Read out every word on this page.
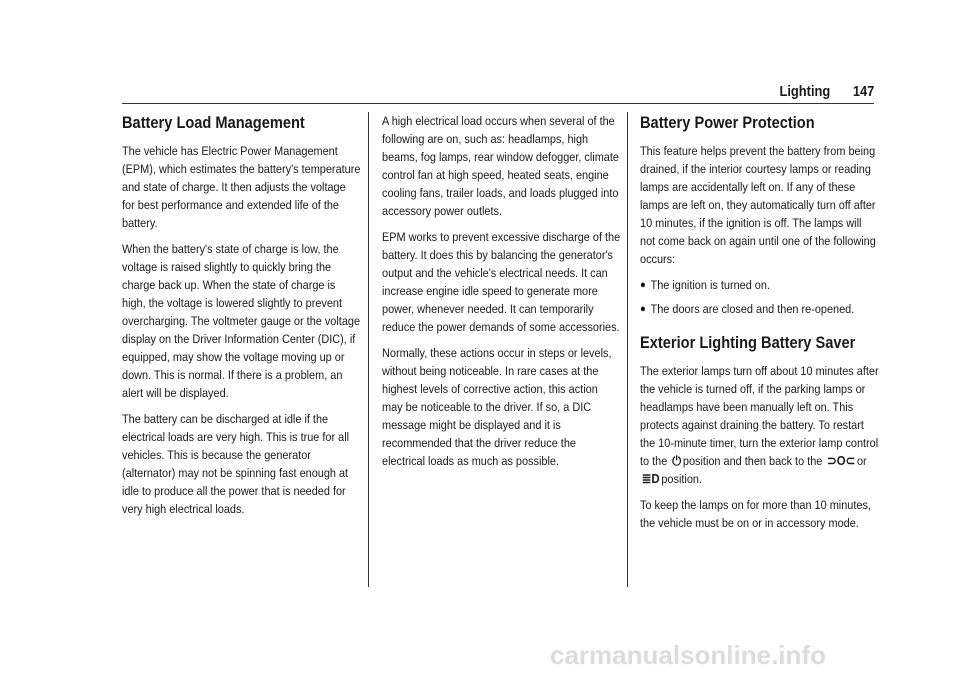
Lighting 147
Battery Load Management

The vehicle has Electric Power Management (EPM), which estimates the battery's temperature and state of charge. It then adjusts the voltage for best performance and extended life of the battery.

When the battery's state of charge is low, the voltage is raised slightly to quickly bring the charge back up. When the state of charge is high, the voltage is lowered slightly to prevent overcharging. The voltmeter gauge or the voltage display on the Driver Information Center (DIC), if equipped, may show the voltage moving up or down. This is normal. If there is a problem, an alert will be displayed.

The battery can be discharged at idle if the electrical loads are very high. This is true for all vehicles. This is because the generator (alternator) may not be spinning fast enough at idle to produce all the power that is needed for very high electrical loads.

A high electrical load occurs when several of the following are on, such as: headlamps, high beams, fog lamps, rear window defogger, climate control fan at high speed, heated seats, engine cooling fans, trailer loads, and loads plugged into accessory power outlets.

EPM works to prevent excessive discharge of the battery. It does this by balancing the generator's output and the vehicle's electrical needs. It can increase engine idle speed to generate more power, whenever needed. It can temporarily reduce the power demands of some accessories.

Normally, these actions occur in steps or levels, without being noticeable. In rare cases at the highest levels of corrective action, this action may be noticeable to the driver. If so, a DIC message might be displayed and it is recommended that the driver reduce the electrical loads as much as possible.

Battery Power Protection

This feature helps prevent the battery from being drained, if the interior courtesy lamps or reading lamps are accidentally left on. If any of these lamps are left on, they automatically turn off after 10 minutes, if the ignition is off. The lamps will not come back on again until one of the following occurs:

● The ignition is turned on.
● The doors are closed and then re-opened.
Exterior Lighting Battery Saver

The exterior lamps turn off about 10 minutes after the vehicle is turned off, if the parking lamps or headlamps have been manually left on. This protects against draining the battery. To restart the 10-minute timer, turn the exterior lamp control to the ⏻ position and then back to the ⊃O⊂ or ≣D position.

To keep the lamps on for more than 10 minutes, the vehicle must be on or in accessory mode.

carmanualsonline.info
